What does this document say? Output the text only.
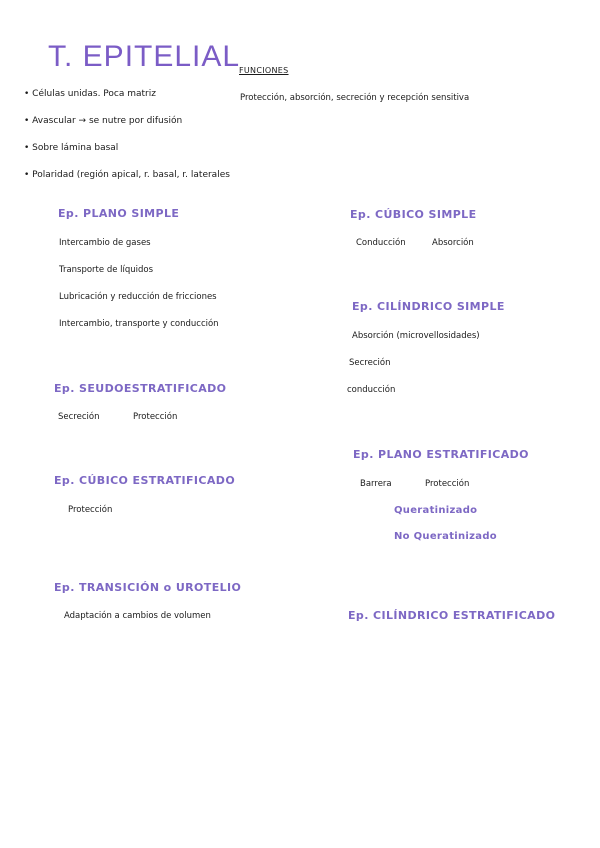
T. EPITELIAL
FUNCIONES
Protección, absorción, secreción y recepción sensitiva
• Células unidas. Poca matriz
• Avascular → se nutre por difusión
• Sobre lámina basal
• Polaridad (región apical, r. basal, r. laterales
Ep. PLANO SIMPLE
Intercambio de gases
Transporte de líquidos
Lubricación y reducción de fricciones
Intercambio, transporte y conducción
Ep. CÚBICO SIMPLE
Conducción	Absorción
Ep. CILÍNDRICO SIMPLE
Absorción (microvellosidades)
Secreción
conducción
Ep. SEUDOESTRATIFICADO
Secreción	Protección
Ep. PLANO ESTRATIFICADO
Barrera	Protección
Queratinizado
No Queratinizado
Ep. CÚBICO ESTRATIFICADO
Protección
Ep. TRANSICIÓN o UROTELIO
Adaptación a cambios de volumen	Ep. CILÍNDRICO ESTRATIFICADO
